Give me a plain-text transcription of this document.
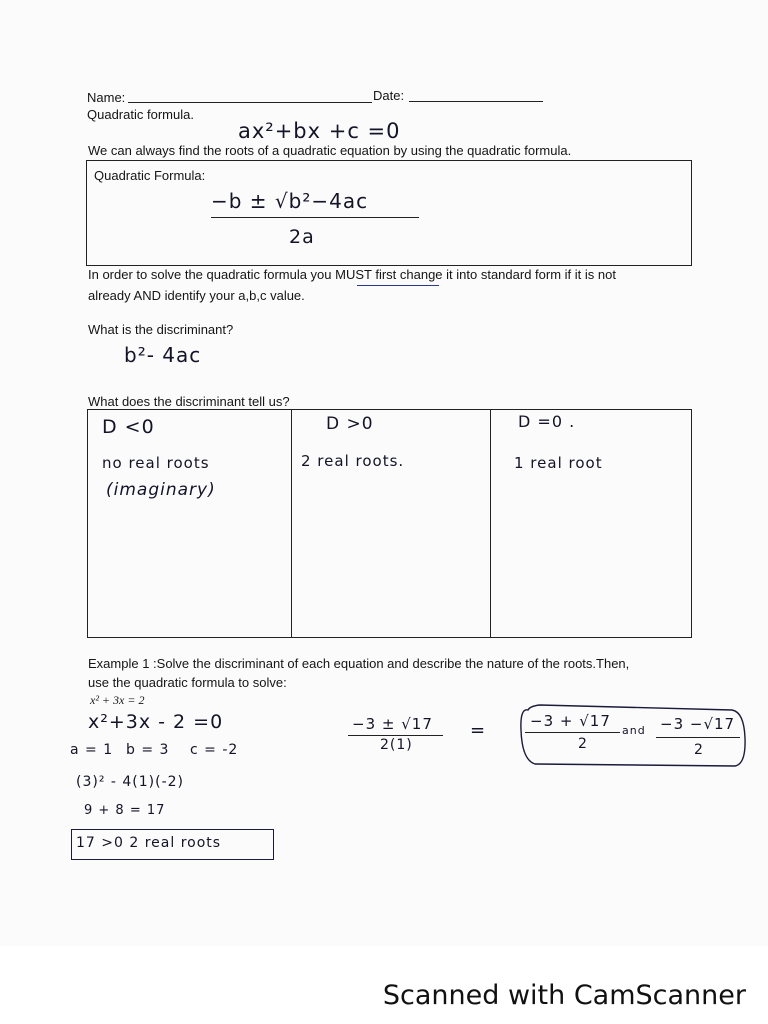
Name:	Date:
Quadratic formula.
ax²+bx +c =0
We can always find the roots of a quadratic equation by using the quadratic formula.
Quadratic Formula:
−b ± √b²−4ac
2a
In order to solve the quadratic formula you MUST first change it into standard form if it is not
already AND identify your a,b,c value.
What is the discriminant?
b²- 4ac
What does the discriminant tell us?
D <0
no real roots
(imaginary)
D >0
2 real roots.
D =0 .
1 real root
Example 1 :Solve the discriminant of each equation and describe the nature of the roots.Then,
use the quadratic formula to solve:
x² + 3x = 2
x²+3x - 2 =0
a = 1 b = 3 c = -2
(3)² - 4(1)(-2)
9 + 8 = 17
17 >0 2 real roots
−3 ± √17
2(1)
=	−3 + √17
2
and −3 −√17
2
Scanned with CamScanner
